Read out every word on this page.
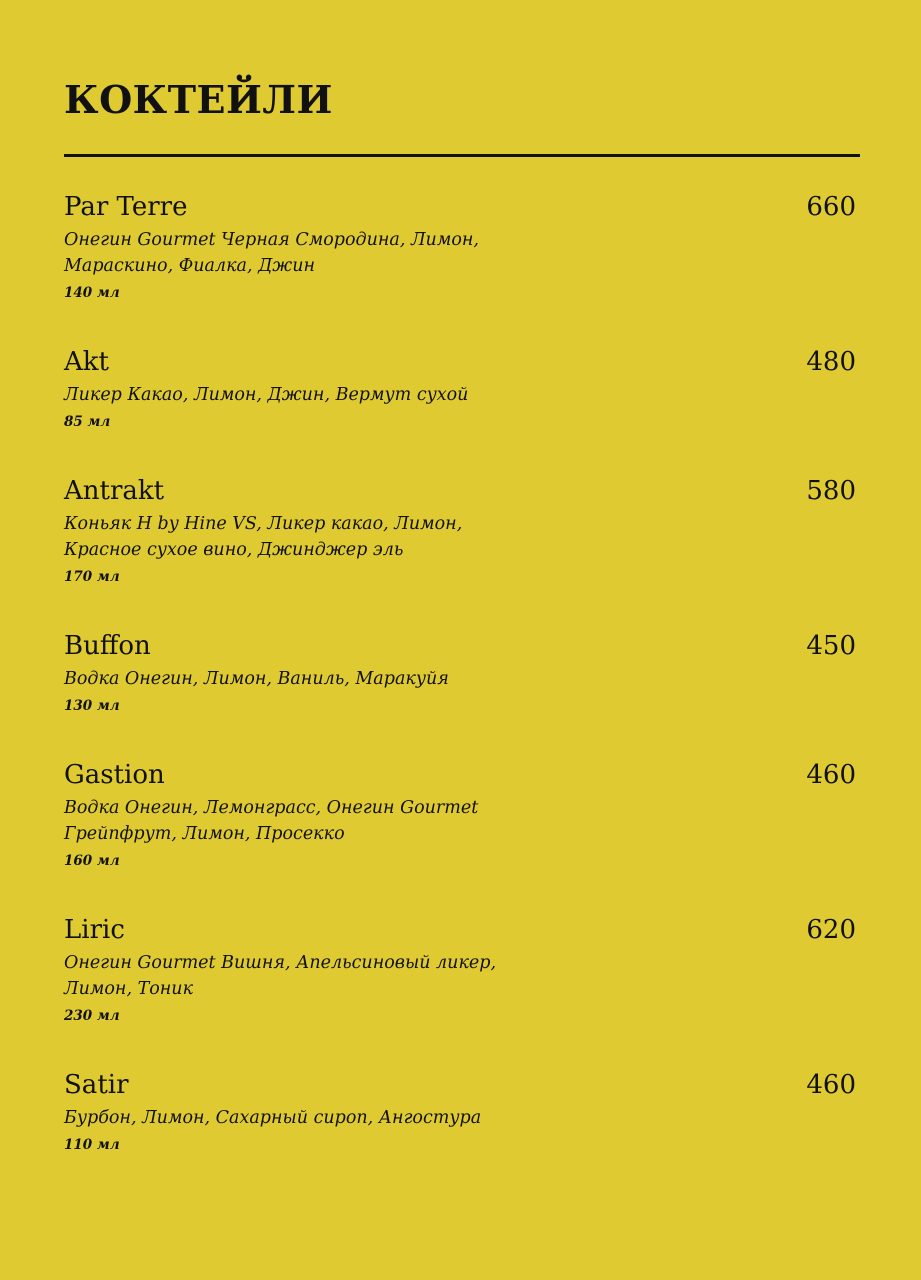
КОКТЕЙЛИ
Par Terre	660
Онегин Gourmet Черная Смородина, Лимон,
Мараскино, Фиалка, Джин
140 мл
Akt	480
Ликер Какао, Лимон, Джин, Вермут сухой
85 мл
Antrakt	580
Коньяк H by Hine VS, Ликер какао, Лимон,
Красное сухое вино, Джинджер эль
170 мл
Buffon	450
Водка Онегин, Лимон, Ваниль, Маракуйя
130 мл
Gastion	460
Водка Онегин, Лемонграсс, Онегин Gourmet
Грейпфрут, Лимон, Просекко
160 мл
Liric	620
Онегин Gourmet Вишня, Апельсиновый ликер,
Лимон, Тоник
230 мл
Satir	460
Бурбон, Лимон, Сахарный сироп, Ангостура
110 мл
